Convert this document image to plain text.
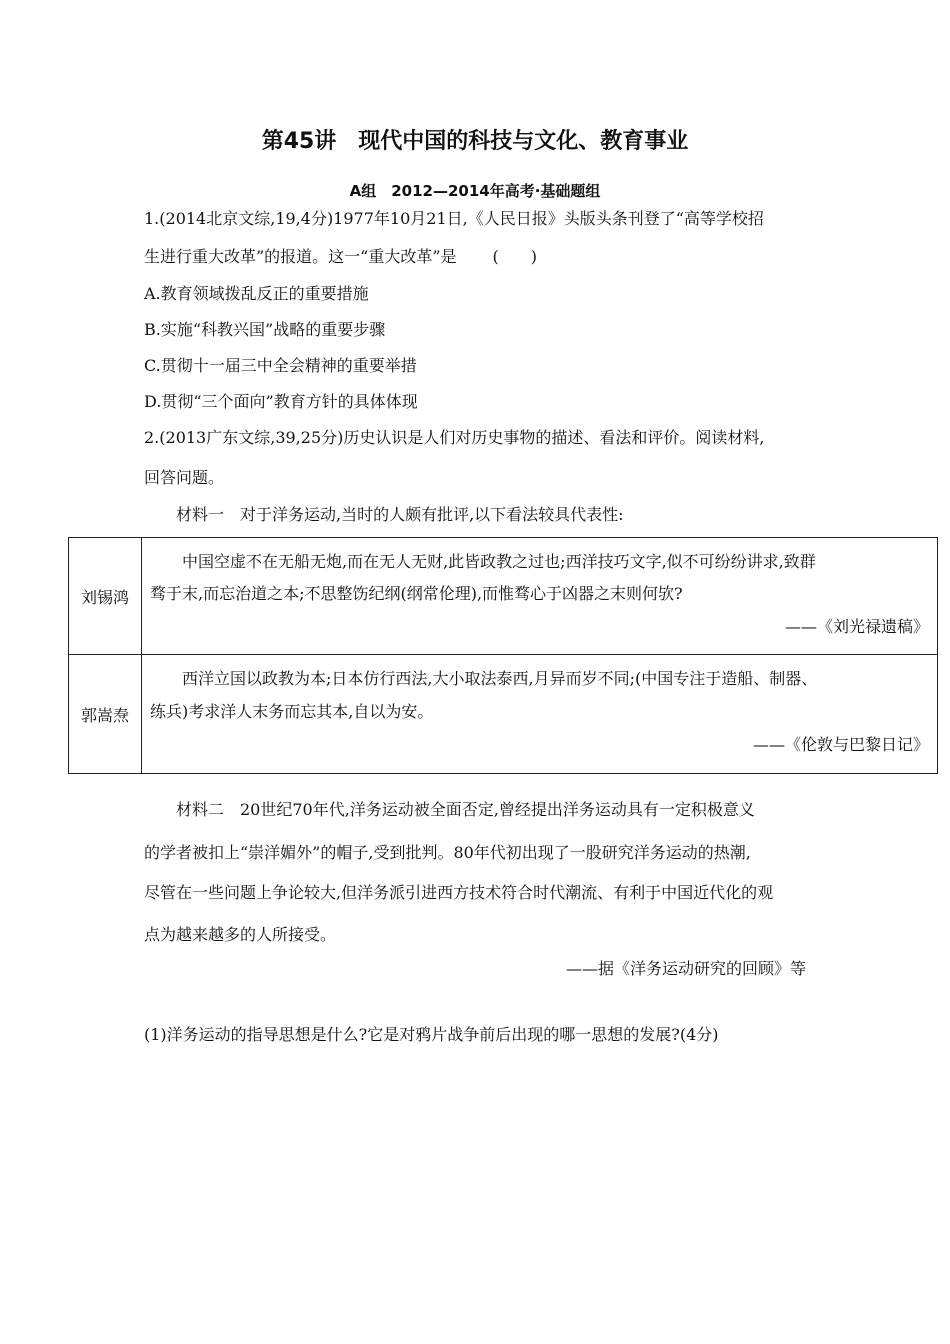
第45讲　现代中国的科技与文化、教育事业
A组　2012—2014年高考·基础题组
1.(2014北京文综,19,4分)1977年10月21日,《人民日报》头版头条刊登了“高等学校招
生进行重大改革”的报道。这一“重大改革”是 (　　)
A.教育领域拨乱反正的重要措施
B.实施“科教兴国”战略的重要步骤
C.贯彻十一届三中全会精神的重要举措
D.贯彻“三个面向”教育方针的具体体现
2.(2013广东文综,39,25分)历史认识是人们对历史事物的描述、看法和评价。阅读材料,
回答问题。
材料一　对于洋务运动,当时的人颇有批评,以下看法较具代表性:
刘锡鸿	　　中国空虚不在无船无炮,而在无人无财,此皆政教之过也;西洋技巧文字,似不可纷纷讲求,致群

骛于末,而忘治道之本;不思整饬纪纲(纲常伦理),而惟骛心于凶器之末则何欤?

——《刘光禄遗稿》

郭嵩焘	　　西洋立国以政教为本;日本仿行西法,大小取法泰西,月异而岁不同;(中国专注于造船、制器、

练兵)考求洋人末务而忘其本,自以为安。

——《伦敦与巴黎日记》

材料二　20世纪70年代,洋务运动被全面否定,曾经提出洋务运动具有一定积极意义
的学者被扣上“崇洋媚外”的帽子,受到批判。80年代初出现了一股研究洋务运动的热潮,
尽管在一些问题上争论较大,但洋务派引进西方技术符合时代潮流、有利于中国近代化的观
点为越来越多的人所接受。
——据《洋务运动研究的回顾》等
(1)洋务运动的指导思想是什么?它是对鸦片战争前后出现的哪一思想的发展?(4分)
